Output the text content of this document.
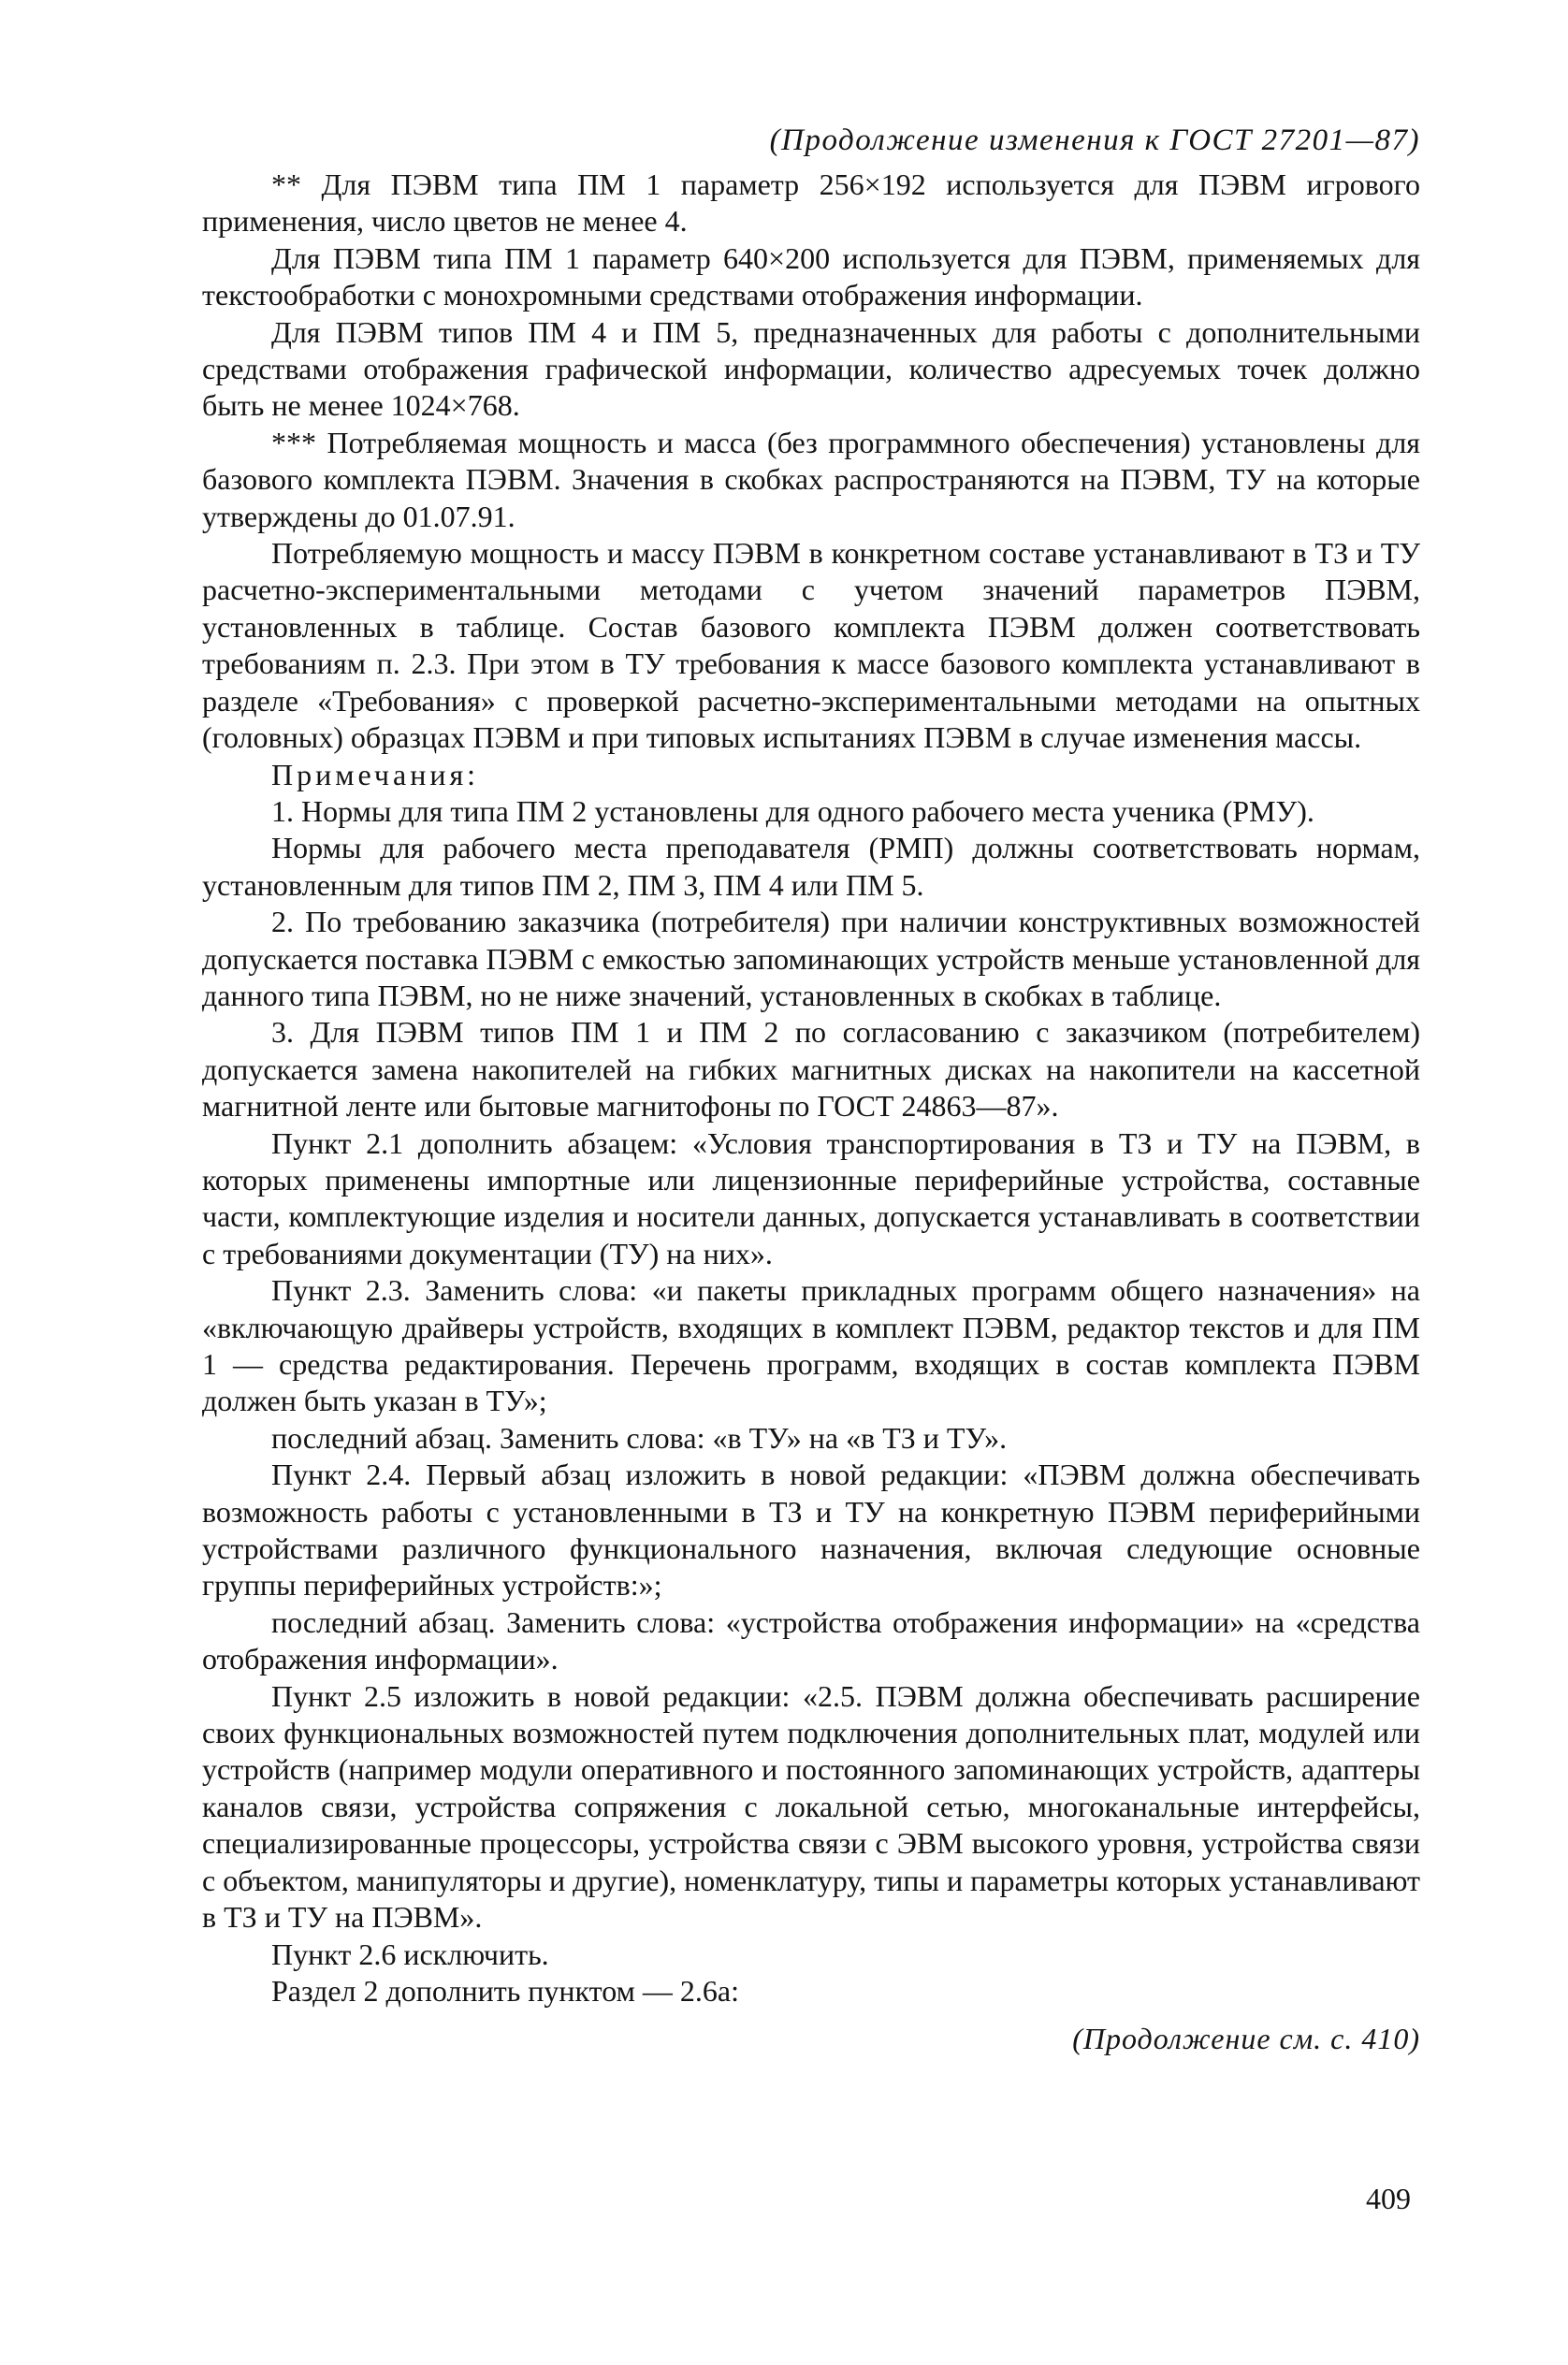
(Продолжение изменения к ГОСТ 27201—87)

** Для ПЭВМ типа ПМ 1 параметр 256×192 используется для ПЭВМ игрового применения, число цветов не менее 4.

Для ПЭВМ типа ПМ 1 параметр 640×200 используется для ПЭВМ, применяемых для текстообработки с монохромными средствами отображения информации.

Для ПЭВМ типов ПМ 4 и ПМ 5, предназначенных для работы с дополнительными средствами отображения графической информации, количество адресуемых точек должно быть не менее 1024×768.

*** Потребляемая мощность и масса (без программного обеспечения) установлены для базового комплекта ПЭВМ. Значения в скобках распространяются на ПЭВМ, ТУ на которые утверждены до 01.07.91.

Потребляемую мощность и массу ПЭВМ в конкретном составе устанавливают в ТЗ и ТУ расчетно-экспериментальными методами с учетом значений параметров ПЭВМ, установленных в таблице. Состав базового комплекта ПЭВМ должен соответствовать требованиям п. 2.3. При этом в ТУ требования к массе базового комплекта устанавливают в разделе «Требования» с проверкой расчетно-экспериментальными методами на опытных (головных) образцах ПЭВМ и при типовых испытаниях ПЭВМ в случае изменения массы.

Примечания:

1. Нормы для типа ПМ 2 установлены для одного рабочего места ученика (РМУ).

Нормы для рабочего места преподавателя (РМП) должны соответствовать нормам, установленным для типов ПМ 2, ПМ 3, ПМ 4 или ПМ 5.

2. По требованию заказчика (потребителя) при наличии конструктивных возможностей допускается поставка ПЭВМ с емкостью запоминающих устройств меньше установленной для данного типа ПЭВМ, но не ниже значений, установленных в скобках в таблице.

3. Для ПЭВМ типов ПМ 1 и ПМ 2 по согласованию с заказчиком (потребителем) допускается замена накопителей на гибких магнитных дисках на накопители на кассетной магнитной ленте или бытовые магнитофоны по ГОСТ 24863—87».

Пункт 2.1 дополнить абзацем: «Условия транспортирования в ТЗ и ТУ на ПЭВМ, в которых применены импортные или лицензионные периферийные устройства, составные части, комплектующие изделия и носители данных, допускается устанавливать в соответствии с требованиями документации (ТУ) на них».

Пункт 2.3. Заменить слова: «и пакеты прикладных программ общего назначения» на «включающую драйверы устройств, входящих в комплект ПЭВМ, редактор текстов и для ПМ 1 — средства редактирования. Перечень программ, входящих в состав комплекта ПЭВМ должен быть указан в ТУ»;

последний абзац. Заменить слова: «в ТУ» на «в ТЗ и ТУ».

Пункт 2.4. Первый абзац изложить в новой редакции: «ПЭВМ должна обеспечивать возможность работы с установленными в ТЗ и ТУ на конкретную ПЭВМ периферийными устройствами различного функционального назначения, включая следующие основные группы периферийных устройств:»;

последний абзац. Заменить слова: «устройства отображения информации» на «средства отображения информации».

Пункт 2.5 изложить в новой редакции: «2.5. ПЭВМ должна обеспечивать расширение своих функциональных возможностей путем подключения дополнительных плат, модулей или устройств (например модули оперативного и постоянного запоминающих устройств, адаптеры каналов связи, устройства сопряжения с локальной сетью, многоканальные интерфейсы, специализированные процессоры, устройства связи с ЭВМ высокого уровня, устройства связи с объектом, манипуляторы и другие), номенклатуру, типы и параметры которых устанавливают в ТЗ и ТУ на ПЭВМ».

Пункт 2.6 исключить.

Раздел 2 дополнить пунктом — 2.6а:

(Продолжение см. с. 410)

409
